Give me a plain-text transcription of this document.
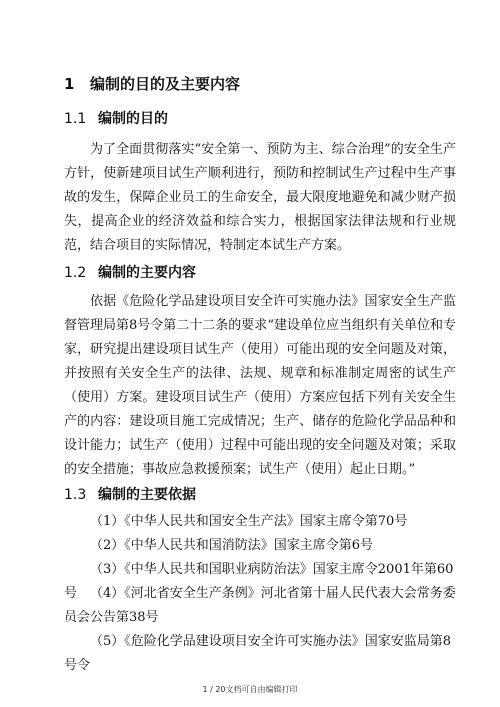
1 编制的目的及主要内容
1.1 编制的目的

为了全面贯彻落实“安全第一、预防为主、综合治理”的安全生产方针，使新建项目试生产顺利进行，预防和控制试生产过程中生产事故的发生，保障企业员工的生命安全，最大限度地避免和减少财产损失，提高企业的经济效益和综合实力，根据国家法律法规和行业规范，结合项目的实际情况，特制定本试生产方案。

1.2 编制的主要内容

依据《危险化学品建设项目安全许可实施办法》国家安全生产监督管理局第8号令第二十二条的要求“建设单位应当组织有关单位和专家，研究提出建设项目试生产（使用）可能出现的安全问题及对策，并按照有关安全生产的法律、法规、规章和标准制定周密的试生产（使用）方案。建设项目试生产（使用）方案应包括下列有关安全生产的内容：建设项目施工完成情况；生产、储存的危险化学品品种和设计能力；试生产（使用）过程中可能出现的安全问题及对策；采取的安全措施；事故应急救援预案；试生产（使用）起止日期。”

1.3 编制的主要依据

（1）《中华人民共和国安全生产法》国家主席令第70号

（2）《中华人民共和国消防法》国家主席令第6号

（3）《中华人民共和国职业病防治法》国家主席令2001年第60号 （4）《河北省安全生产条例》河北省第十届人民代表大会常务委员会公告第38号

（5）《危险化学品建设项目安全许可实施办法》国家安监局第8号令

1 / 20文档可自由编辑打印
